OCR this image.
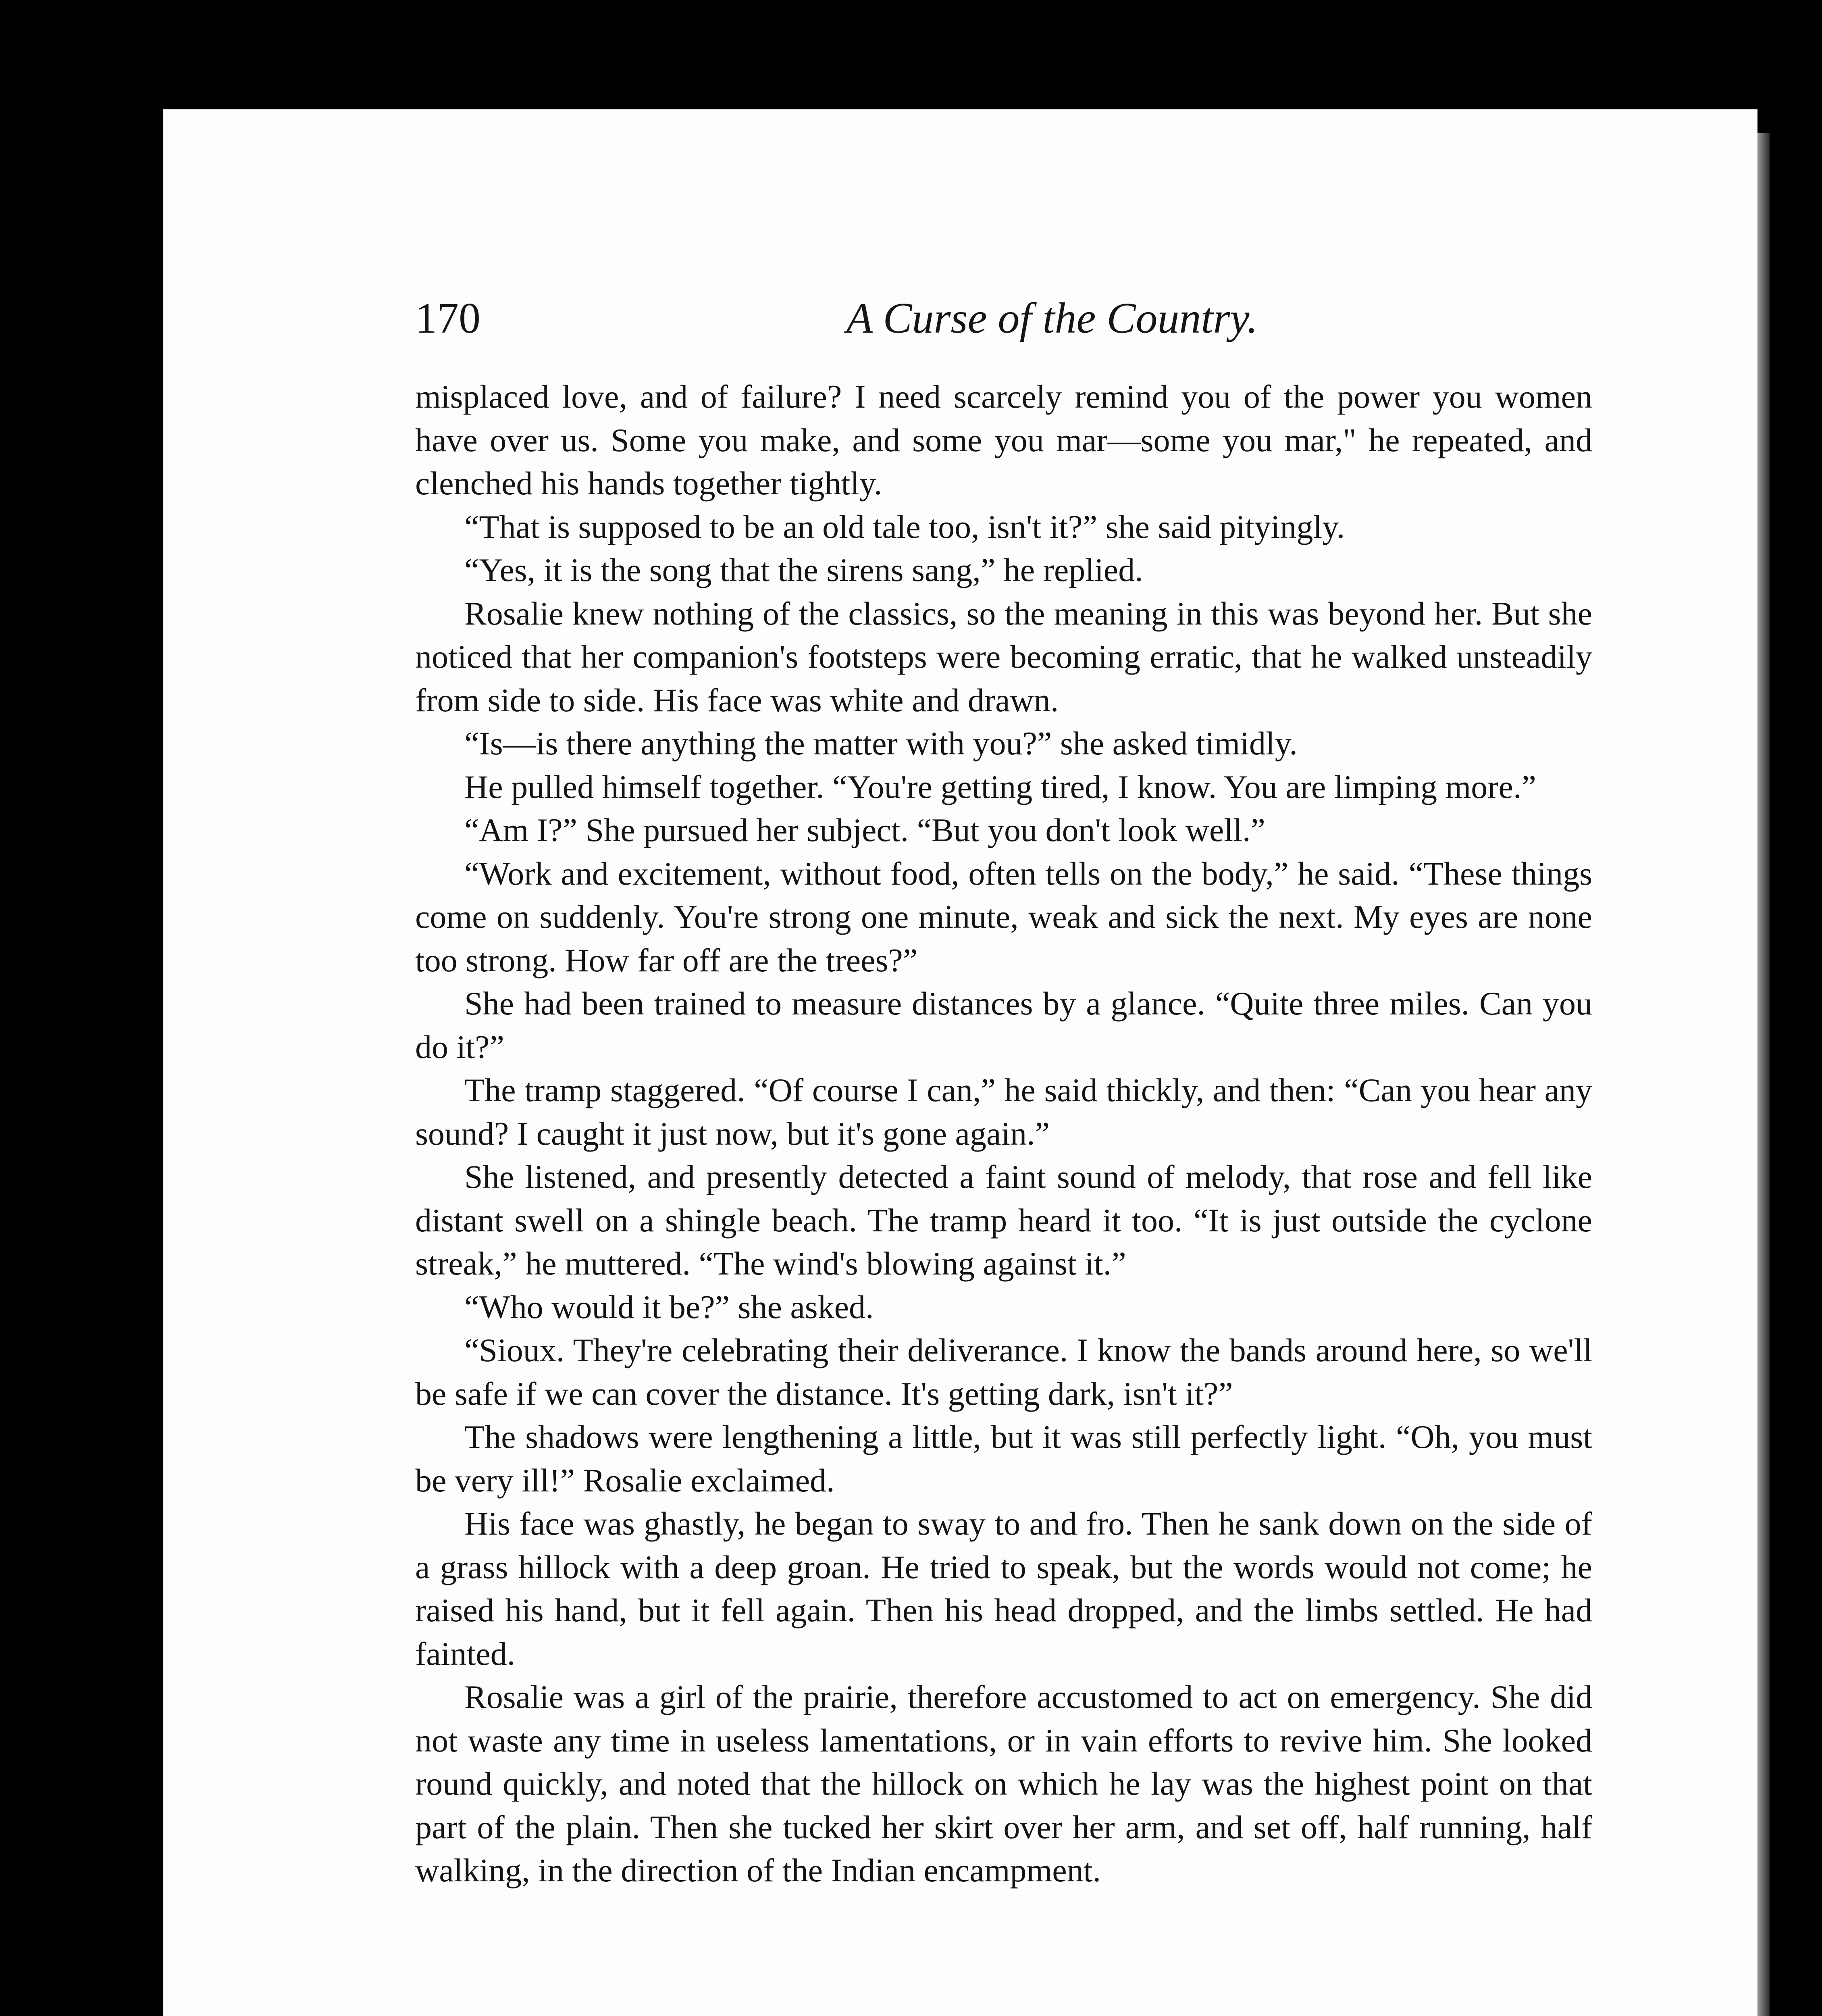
170	A Curse of the Country.

misplaced love, and of failure? I need scarcely remind you of the power you women have over us. Some you make, and some you mar—some you mar," he repeated, and clenched his hands together tightly.

“That is supposed to be an old tale too, isn't it?” she said pityingly.

“Yes, it is the song that the sirens sang,” he replied.

Rosalie knew nothing of the classics, so the meaning in this was beyond her. But she noticed that her companion's footsteps were becoming erratic, that he walked unsteadily from side to side. His face was white and drawn.

“Is—is there anything the matter with you?” she asked timidly.

He pulled himself together. “You're getting tired, I know. You are limping more.”

“Am I?” She pursued her subject. “But you don't look well.”

“Work and excitement, without food, often tells on the body,” he said. “These things come on suddenly. You're strong one minute, weak and sick the next. My eyes are none too strong. How far off are the trees?”

She had been trained to measure distances by a glance. “Quite three miles. Can you do it?”

The tramp staggered. “Of course I can,” he said thickly, and then: “Can you hear any sound? I caught it just now, but it's gone again.”

She listened, and presently detected a faint sound of melody, that rose and fell like distant swell on a shingle beach. The tramp heard it too. “It is just outside the cyclone streak,” he muttered. “The wind's blowing against it.”

“Who would it be?” she asked.

“Sioux. They're celebrating their deliverance. I know the bands around here, so we'll be safe if we can cover the distance. It's getting dark, isn't it?”

The shadows were lengthening a little, but it was still perfectly light. “Oh, you must be very ill!” Rosalie exclaimed.

His face was ghastly, he began to sway to and fro. Then he sank down on the side of a grass hillock with a deep groan. He tried to speak, but the words would not come; he raised his hand, but it fell again. Then his head dropped, and the limbs settled. He had fainted.

Rosalie was a girl of the prairie, therefore accustomed to act on emergency. She did not waste any time in useless lamentations, or in vain efforts to revive him. She looked round quickly, and noted that the hillock on which he lay was the highest point on that part of the plain. Then she tucked her skirt over her arm, and set off, half running, half walking, in the direction of the Indian encampment.
